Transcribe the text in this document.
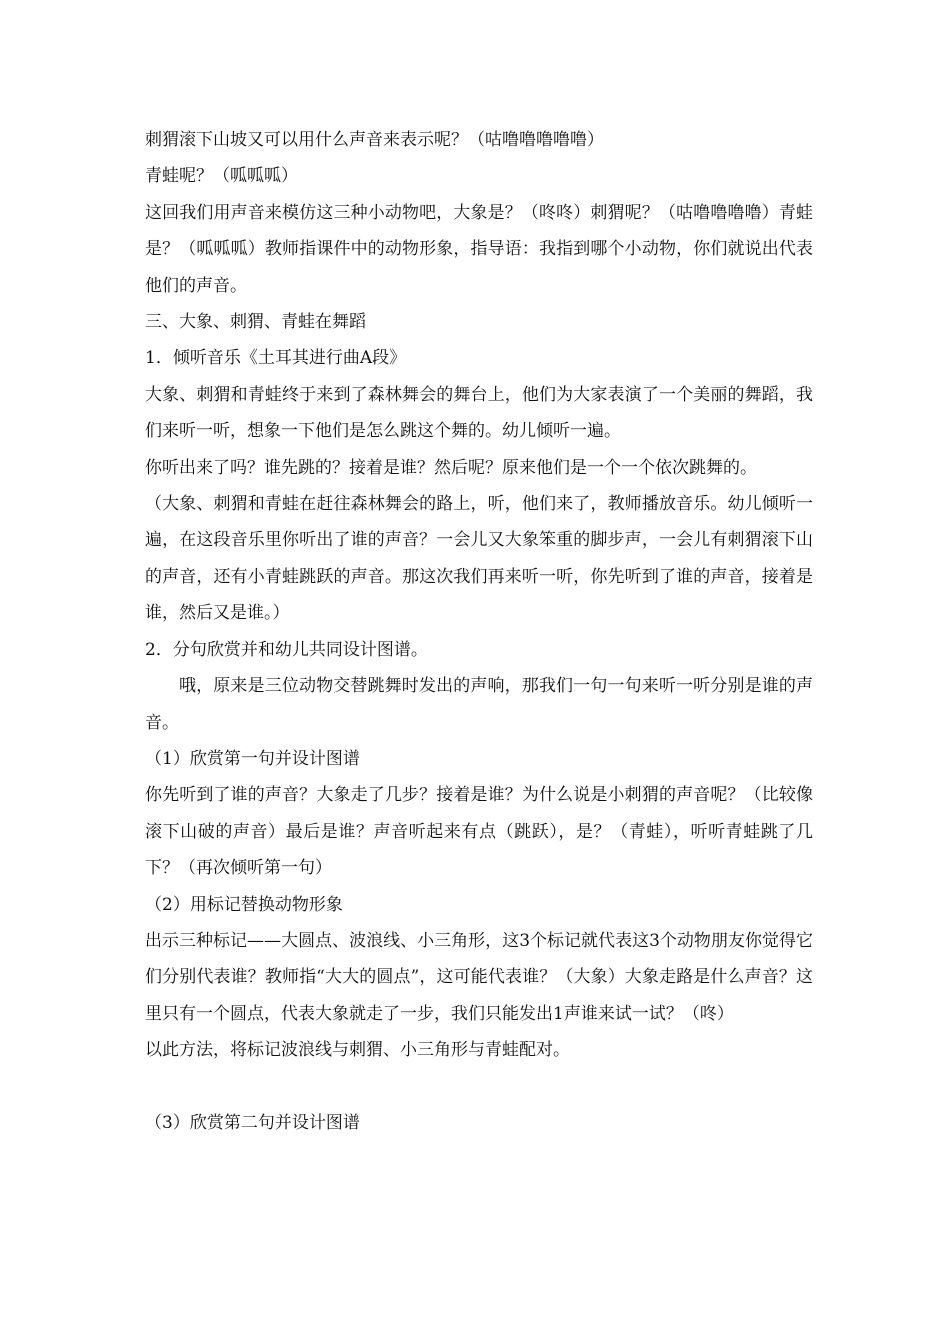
刺猬滚下山坡又可以用什么声音来表示呢？（咕噜噜噜噜噜）

青蛙呢？（呱呱呱）

这回我们用声音来模仿这三种小动物吧，大象是？（咚咚）刺猬呢？（咕噜噜噜噜）青蛙是？（呱呱呱）教师指课件中的动物形象，指导语：我指到哪个小动物，你们就说出代表他们的声音。

三、大象、刺猬、青蛙在舞蹈

1．倾听音乐《土耳其进行曲A段》

大象、刺猬和青蛙终于来到了森林舞会的舞台上，他们为大家表演了一个美丽的舞蹈，我们来听一听，想象一下他们是怎么跳这个舞的。幼儿倾听一遍。

你听出来了吗？谁先跳的？接着是谁？然后呢？原来他们是一个一个依次跳舞的。

（大象、刺猬和青蛙在赶往森林舞会的路上，听，他们来了，教师播放音乐。幼儿倾听一遍，在这段音乐里你听出了谁的声音？一会儿又大象笨重的脚步声，一会儿有刺猬滚下山的声音，还有小青蛙跳跃的声音。那这次我们再来听一听，你先听到了谁的声音，接着是谁，然后又是谁。）

2．分句欣赏并和幼儿共同设计图谱。

哦，原来是三位动物交替跳舞时发出的声响，那我们一句一句来听一听分别是谁的声音。

（1）欣赏第一句并设计图谱

你先听到了谁的声音？大象走了几步？接着是谁？为什么说是小刺猬的声音呢？（比较像滚下山破的声音）最后是谁？声音听起来有点（跳跃），是？（青蛙），听听青蛙跳了几下？（再次倾听第一句）

（2）用标记替换动物形象

出示三种标记——大圆点、波浪线、小三角形，这3个标记就代表这3个动物朋友你觉得它们分别代表谁？教师指“大大的圆点”，这可能代表谁？（大象）大象走路是什么声音？这里只有一个圆点，代表大象就走了一步，我们只能发出1声谁来试一试？（咚）

以此方法，将标记波浪线与刺猬、小三角形与青蛙配对。

（3）欣赏第二句并设计图谱
